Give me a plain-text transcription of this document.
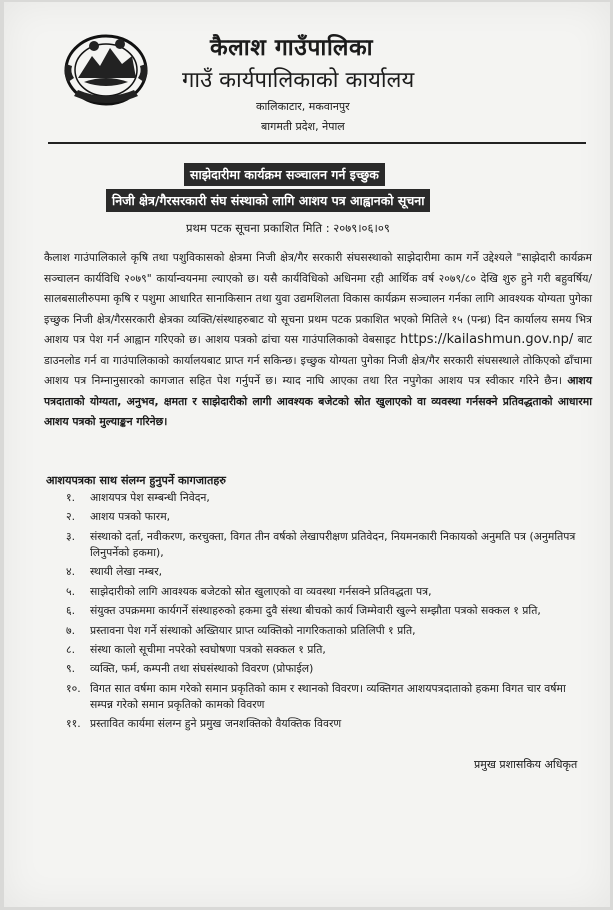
कैलाश गाउँपालिका
गाउँ कार्यपालिकाको कार्यालय
कालिकाटार, मकवानपुर
बागमती प्रदेश, नेपाल
साझेदारीमा कार्यक्रम सञ्चालन गर्न इच्छुक
निजी क्षेत्र/गैरसरकारी संघ संस्थाको लागि आशय पत्र आह्वानको सूचना
प्रथम पटक सूचना प्रकाशित मिति : २०७९।०६।०९
कैलाश गाउंपालिकाले कृषि तथा पशुविकासको क्षेत्रमा निजी क्षेत्र/गैर सरकारी संघसस्थाको साझेदारीमा काम गर्ने उद्देश्यले "साझेदारी कार्यक्रम सञ्चालन कार्यविधि २०७९" कार्यान्वयनमा ल्याएको छ। यसै कार्यविधिको अधिनमा रही आर्थिक वर्ष २०७९/८० देखि शुरु हुने गरी बहुवर्षिय/सालबसालीरुपमा कृषि र पशुमा आधारित सानाकिसान तथा युवा उद्यमशिलता विकास कार्यक्रम सञ्चालन गर्नका लागि आवश्यक योग्यता पुगेका इच्छुक निजी क्षेत्र/गैरसरकारी क्षेत्रका व्यक्ति/संस्थाहरुबाट यो सूचना प्रथम पटक प्रकाशित भएको मितिले १५ (पन्ध्र) दिन कार्यालय समय भित्र आशय पत्र पेश गर्न आह्वान गरिएको छ। आशय पत्रको ढांचा यस गाउंपालिकाको वेबसाइट https://kailashmun.gov.np/ बाट डाउनलोड गर्न वा गाउंपालिकाको कार्यालयबाट प्राप्त गर्न सकिन्छ। इच्छुक योग्यता पुगेका निजी क्षेत्र/गैर सरकारी संघसस्थाले तोकिएको ढाँचामा आशय पत्र निम्नानुसारको कागजात सहित पेश गर्नुपर्ने छ। म्याद नाघि आएका तथा रित नपुगेका आशय पत्र स्वीकार गरिने छैन। आशय पत्रदाताको योग्यता, अनुभव, क्षमता र साझेदारीको लागी आवश्यक बजेटको स्रोत खुलाएको वा व्यवस्था गर्नसक्ने प्रतिवद्धताको आधारमा आशय पत्रको मुल्याङ्कन गरिनेछ।
आशयपत्रका साथ संलग्न हुनुपर्ने कागजातहरु
१. आशयपत्र पेश सम्बन्धी निवेदन,
२. आशय पत्रको फारम,
३. संस्थाको दर्ता, नवीकरण, करचुक्ता, विगत तीन वर्षको लेखापरीक्षण प्रतिवेदन, नियमनकारी निकायको अनुमति पत्र (अनुमतिपत्र लिनुपर्नेको हकमा),
४. स्थायी लेखा नम्बर,
५. साझेदारीको लागि आवश्यक बजेटको स्रोत खुलाएको वा व्यवस्था गर्नसक्ने प्रतिवद्धता पत्र,
६. संयुक्त उपक्रममा कार्यगर्ने संस्थाहरुको हकमा दुवै संस्था बीचको कार्य जिम्मेवारी खुल्ने सम्झौता पत्रको सक्कल १ प्रति,
७. प्रस्तावना पेश गर्ने संस्थाको अख्तियार प्राप्त व्यक्तिको नागरिकताको प्रतिलिपी १ प्रति,
८. संस्था कालो सूचीमा नपरेको स्वघोषणा पत्रको सक्कल १ प्रति,
९. व्यक्ति, फर्म, कम्पनी तथा संघसंस्थाको विवरण (प्रोफाईल)
१०. विगत सात वर्षमा काम गरेको समान प्रकृतिको काम र स्थानको विवरण। व्यक्तिगत आशयपत्रदाताको हकमा विगत चार वर्षमा सम्पन्न गरेको समान प्रकृतिको कामको विवरण
११. प्रस्तावित कार्यमा संलग्न हुने प्रमुख जनशक्तिको वैयक्तिक विवरण
प्रमुख प्रशासकिय अधिकृत
